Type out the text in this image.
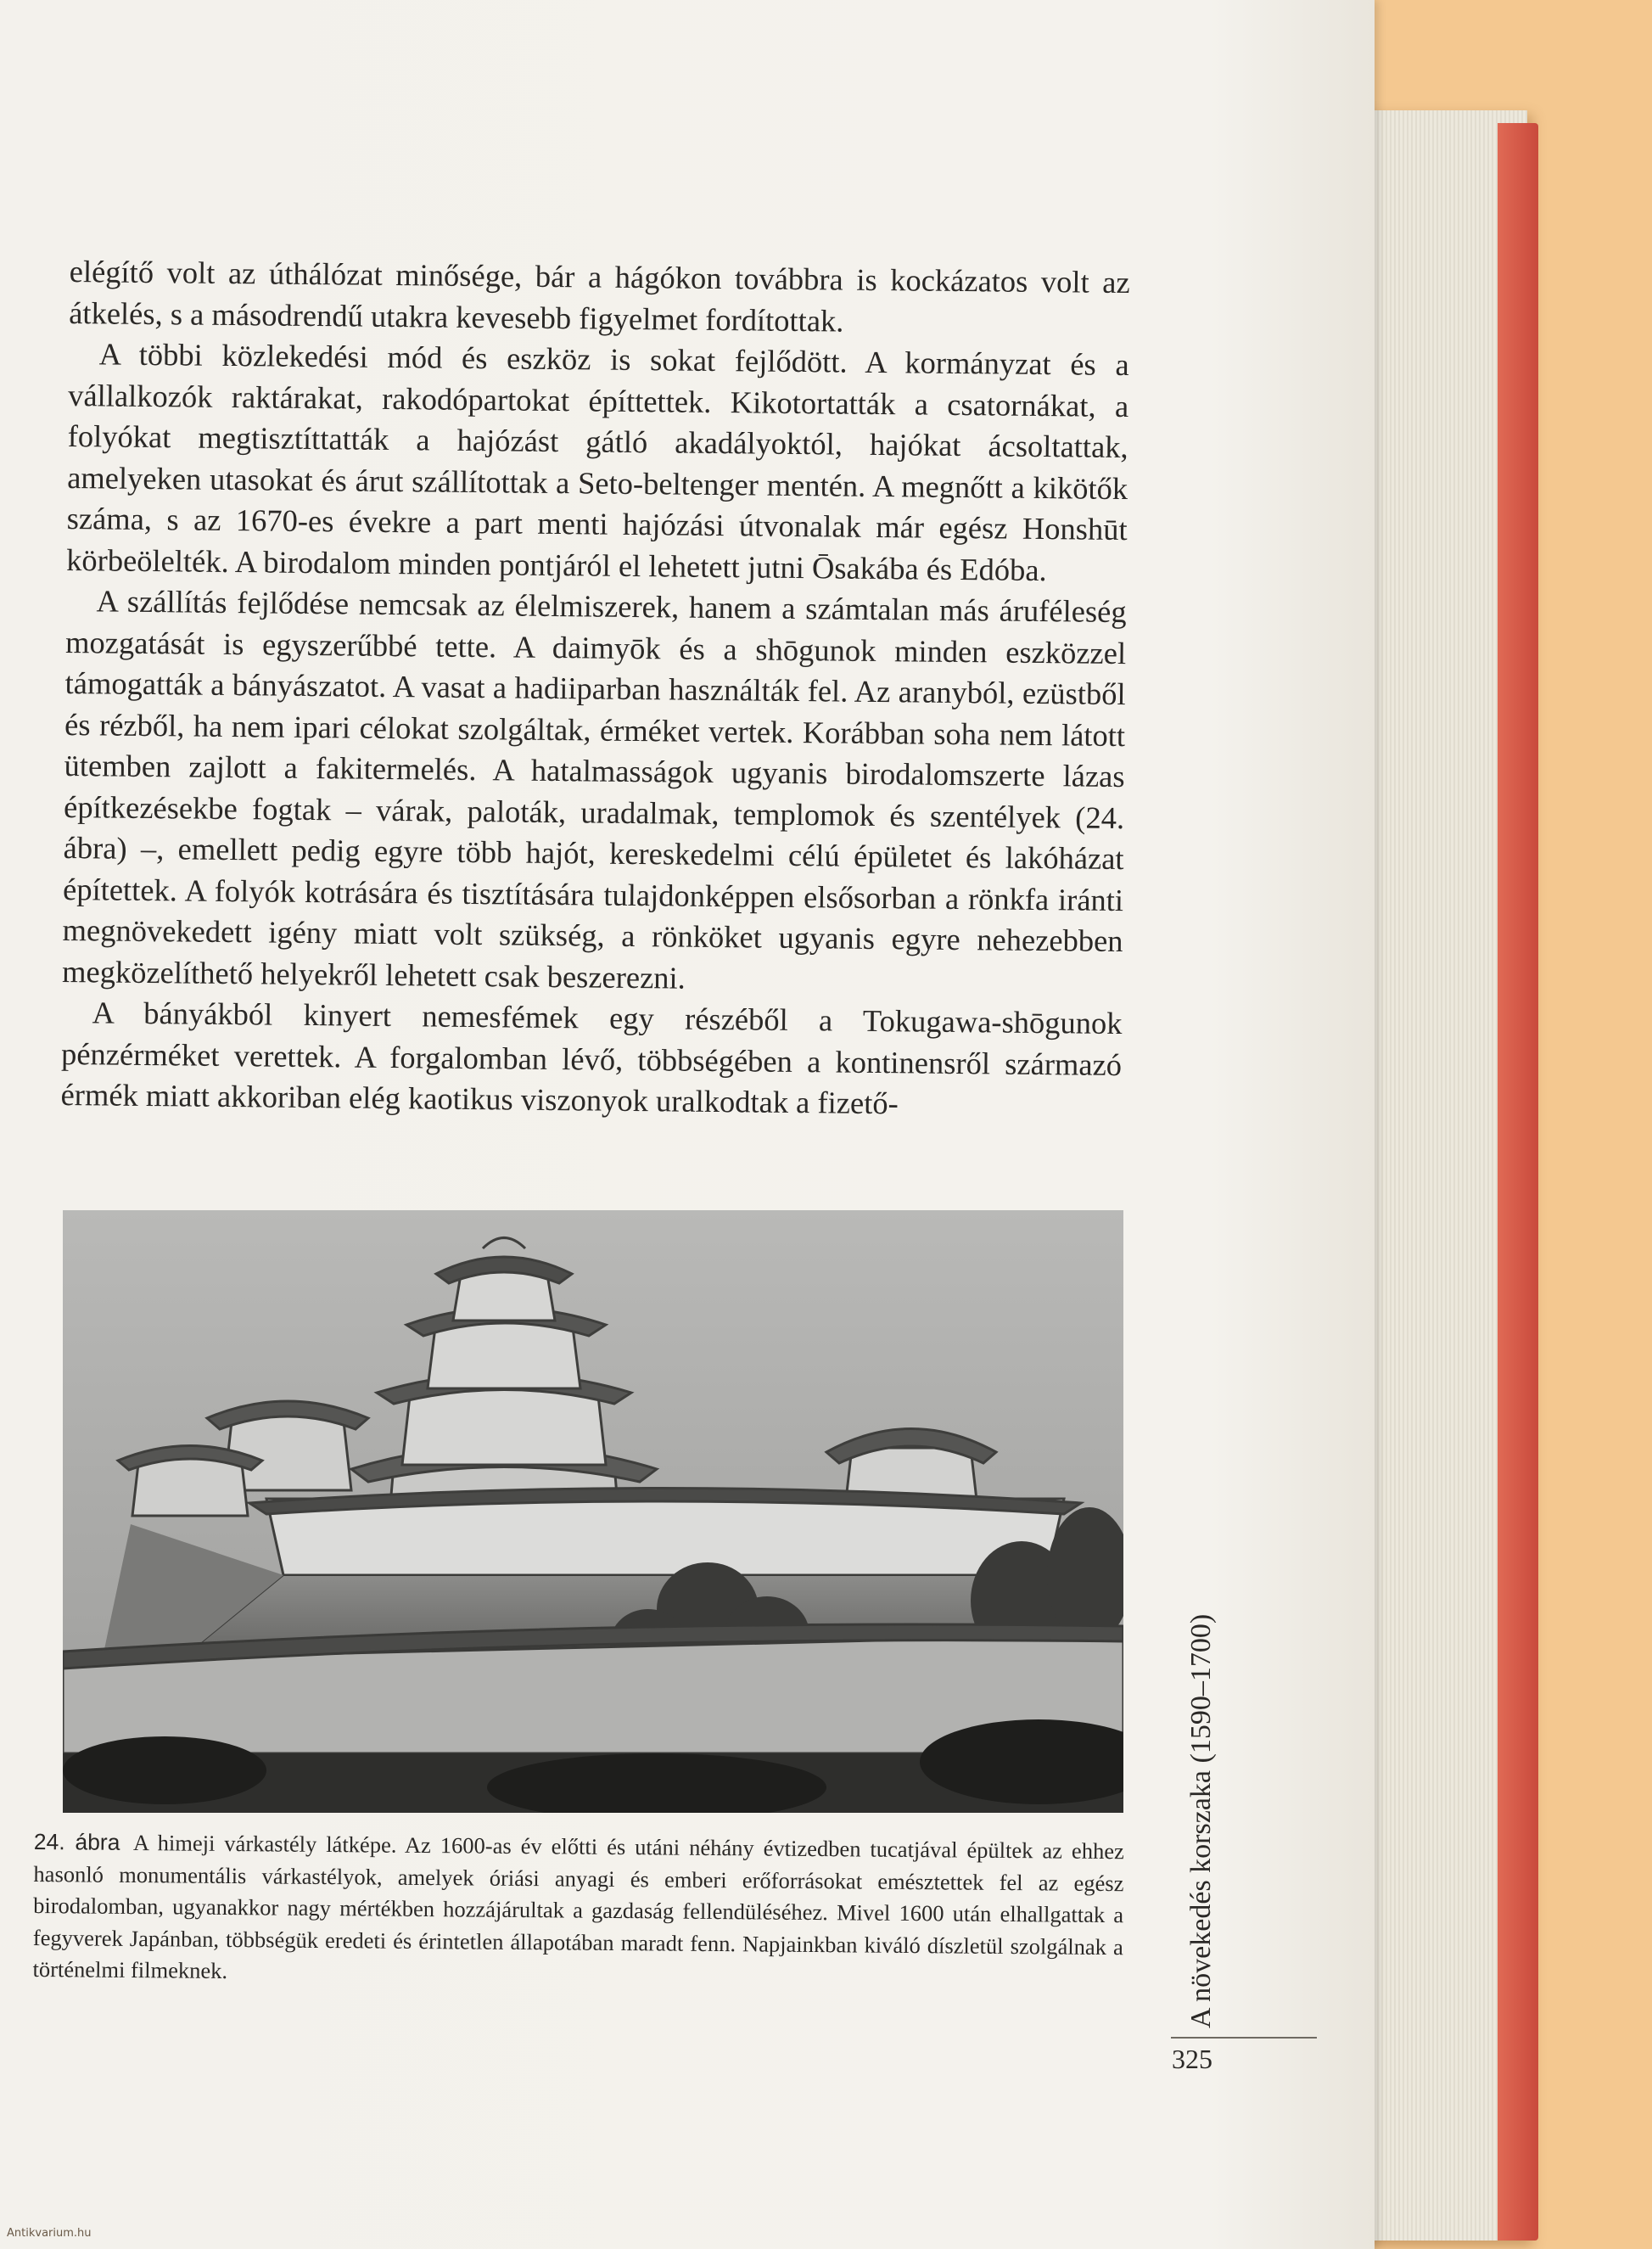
elégítő volt az úthálózat minősége, bár a hágókon továbbra is kockázatos volt az átkelés, s a másodrendű utakra kevesebb figyelmet fordítottak.

A többi közlekedési mód és eszköz is sokat fejlődött. A kormányzat és a vállalkozók raktárakat, rakodópartokat építtettek. Kikotortatták a csatornákat, a folyókat megtisztíttatták a hajózást gátló akadályoktól, hajókat ácsoltattak, amelyeken utasokat és árut szállítottak a Seto-beltenger mentén. A megnőtt a kikötők száma, s az 1670-es évekre a part menti hajózási útvonalak már egész Honshūt körbeölelték. A birodalom minden pontjáról el lehetett jutni Ōsakába és Edóba.

A szállítás fejlődése nemcsak az élelmiszerek, hanem a számtalan más áruféleség mozgatását is egyszerűbbé tette. A daimyōk és a shōgunok minden eszközzel támogatták a bányászatot. A vasat a hadiiparban használták fel. Az aranyból, ezüstből és rézből, ha nem ipari célokat szolgáltak, érméket vertek. Korábban soha nem látott ütemben zajlott a fakitermelés. A hatalmasságok ugyanis birodalomszerte lázas építkezésekbe fogtak – várak, paloták, uradalmak, templomok és szentélyek (24. ábra) –, emellett pedig egyre több hajót, kereskedelmi célú épületet és lakóházat építettek. A folyók kotrására és tisztítására tulajdonképpen elsősorban a rönkfa iránti megnövekedett igény miatt volt szükség, a rönköket ugyanis egyre nehezebben megközelíthető helyekről lehetett csak beszerezni.

A bányákból kinyert nemesfémek egy részéből a Tokugawa-shōgunok pénzérméket verettek. A forgalomban lévő, többségében a kontinensről származó érmék miatt akkoriban elég kaotikus viszonyok uralkodtak a fizető-

24. ábra A himeji várkastély látképe. Az 1600-as év előtti és utáni néhány évtizedben tucatjával épültek az ehhez hasonló monumentális várkastélyok, amelyek óriási anyagi és emberi erőforrásokat emésztettek fel az egész birodalomban, ugyanakkor nagy mértékben hozzájárultak a gazdaság fellendüléséhez. Mivel 1600 után elhallgattak a fegyverek Japánban, többségük eredeti és érintetlen állapotában maradt fenn. Napjainkban kiváló díszletül szolgálnak a történelmi filmeknek.	A növekedés korszaka (1590–1700)
325
Antikvarium.hu
